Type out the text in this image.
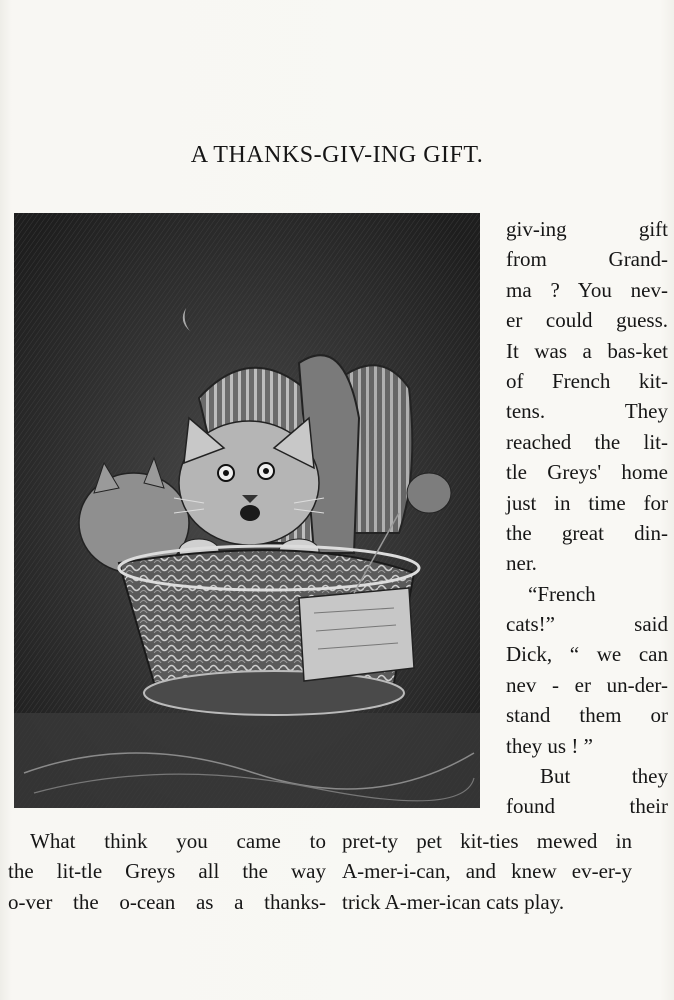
A THANKS-GIV-ING GIFT.
giv-ing gift
from Grand-
ma ? You nev-
er could guess.
It was a bas-ket
of French kit-
tens. They
reached the lit-
tle Greys' home
just in time for
the great din-
ner.
“French
cats!” said
Dick, “ we can
nev - er un-der-
stand them or
they us ! ”
But they
found their
What think you came to
the lit-tle Greys all the way
o-ver the o-cean as a thanks-
pret-ty pet kit-ties mewed in
A-mer-i-can, and knew ev-er-y
trick A-mer-ican cats play.
